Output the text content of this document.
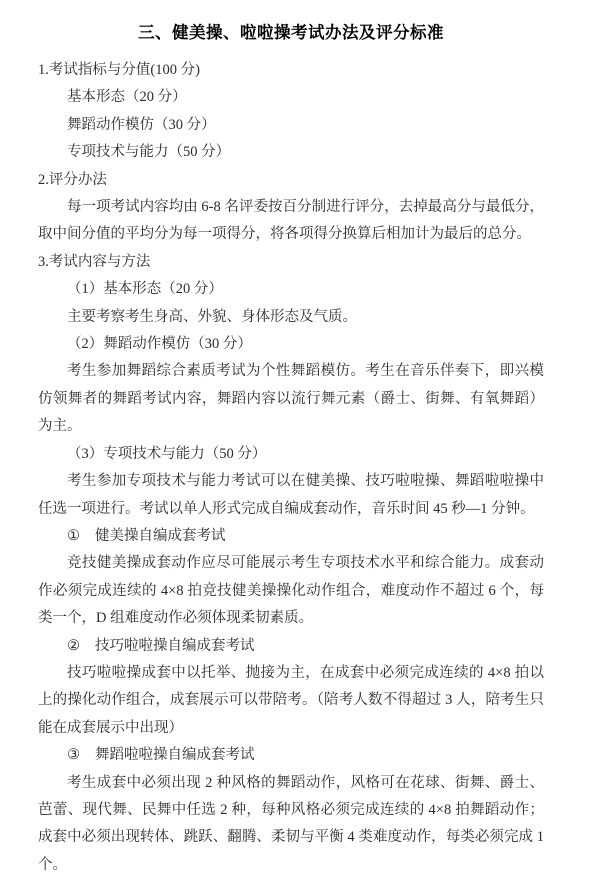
三、健美操、啦啦操考试办法及评分标准
1.考试指标与分值(100 分)
基本形态（20 分）
舞蹈动作模仿（30 分）
专项技术与能力（50 分）
2.评分办法
每一项考试内容均由 6-8 名评委按百分制进行评分，去掉最高分与最低分，取中间分值的平均分为每一项得分，将各项得分换算后相加计为最后的总分。
3.考试内容与方法
（1）基本形态（20 分）
主要考察考生身高、外貌、身体形态及气质。
（2）舞蹈动作模仿（30 分）
考生参加舞蹈综合素质考试为个性舞蹈模仿。考生在音乐伴奏下，即兴模仿领舞者的舞蹈考试内容，舞蹈内容以流行舞元素（爵士、街舞、有氧舞蹈）为主。
（3）专项技术与能力（50 分）
考生参加专项技术与能力考试可以在健美操、技巧啦啦操、舞蹈啦啦操中任选一项进行。考试以单人形式完成自编成套动作，音乐时间 45 秒—1 分钟。
① 健美操自编成套考试
竞技健美操成套动作应尽可能展示考生专项技术水平和综合能力。成套动作必须完成连续的 4×8 拍竞技健美操操化动作组合，难度动作不超过 6 个，每类一个，D 组难度动作必须体现柔韧素质。
② 技巧啦啦操自编成套考试
技巧啦啦操成套中以托举、抛接为主，在成套中必须完成连续的 4×8 拍以上的操化动作组合，成套展示可以带陪考。（陪考人数不得超过 3 人，陪考生只能在成套展示中出现）
③ 舞蹈啦啦操自编成套考试
考生成套中必须出现 2 种风格的舞蹈动作，风格可在花球、街舞、爵士、芭蕾、现代舞、民舞中任选 2 种，每种风格必须完成连续的 4×8 拍舞蹈动作；成套中必须出现转体、跳跃、翻腾、柔韧与平衡 4 类难度动作，每类必须完成 1 个。
